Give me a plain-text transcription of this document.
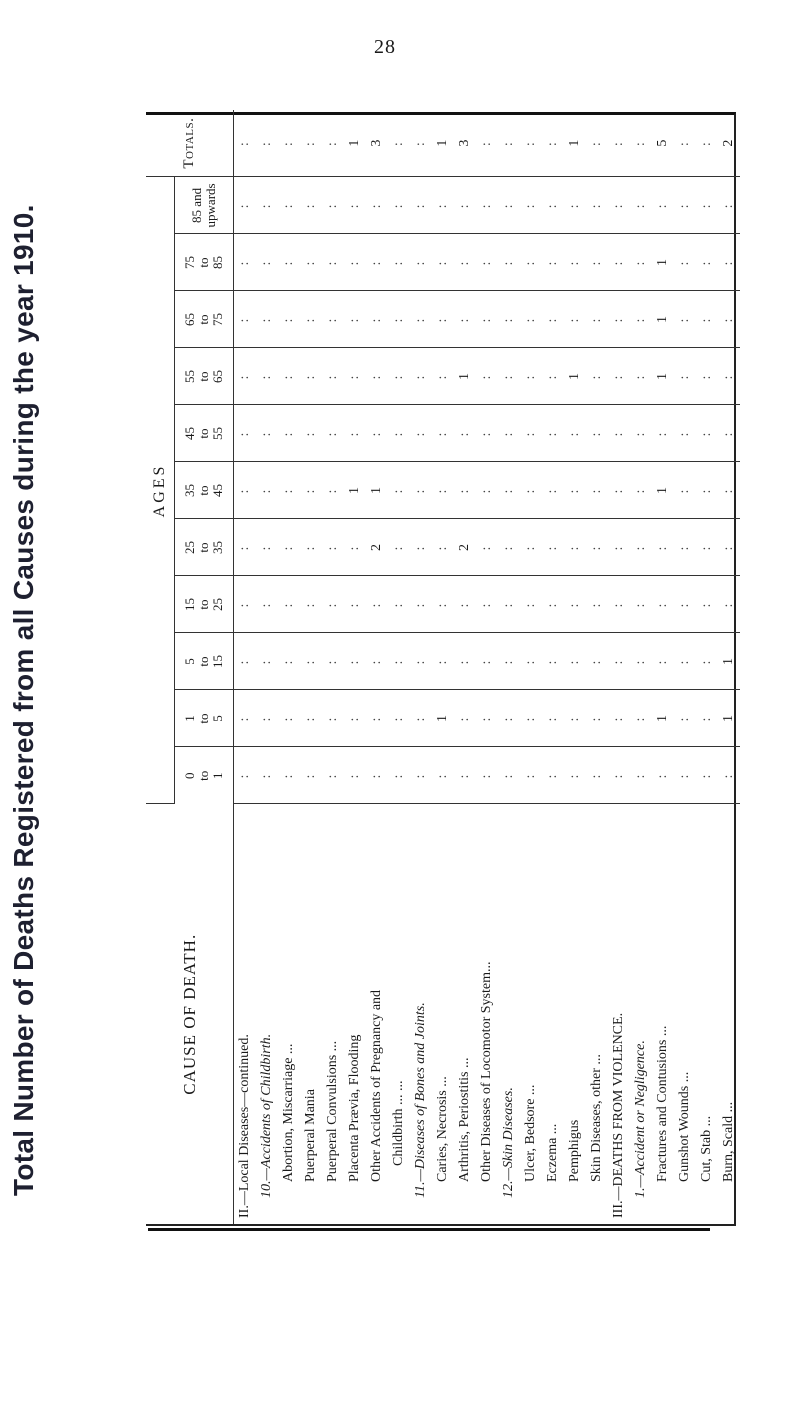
28
Total Number of Deaths Registered from all Causes during the year 1910.	CAUSE OF DEATH.	AGES											Totals.

	0 to 1	1 to 5	5 to 15	15 to 25	25 to 35	35 to 45	45 to 55	55 to 65	65 to 75	75 to 85	85 and upwards	

II.—Local Diseases—continued.	:	:	:	:	:	:	:	:	:	:	:	:
10.—Accidents of Childbirth.	:	:	:	:	:	:	:	:	:	:	:	:
Abortion, Miscarriage ...	:	:	:	:	:	:	:	:	:	:	:	:
Puerperal Mania	:	:	:	:	:	:	:	:	:	:	:	:
Puerperal Convulsions ...	:	:	:	:	:	:	:	:	:	:	:	:
Placenta Prævia, Flooding	:	:	:	:	:	1	:	:	:	:	:	1
Other Accidents of Pregnancy and	:	:	:	:	2	1	:	:	:	:	:	3
Childbirth ... ...	:	:	:	:	:	:	:	:	:	:	:	:
11.—Diseases of Bones and Joints.	:	:	:	:	:	:	:	:	:	:	:	:
Caries, Necrosis ...	:	1	:	:	:	:	:	:	:	:	:	1
Arthritis, Periostitis ...	:	:	:	:	2	:	:	1	:	:	:	3
Other Diseases of Locomotor System...	:	:	:	:	:	:	:	:	:	:	:	:
12.—Skin Diseases.	:	:	:	:	:	:	:	:	:	:	:	:
Ulcer, Bedsore ...	:	:	:	:	:	:	:	:	:	:	:	:
Eczema ...	:	:	:	:	:	:	:	:	:	:	:	:
Pemphigus	:	:	:	:	:	:	:	1	:	:	:	1
Skin Diseases, other ...	:	:	:	:	:	:	:	:	:	:	:	:
III.—DEATHS FROM VIOLENCE.	:	:	:	:	:	:	:	:	:	:	:	:
1.—Accident or Negligence.	:	:	:	:	:	:	:	:	:	:	:	:
Fractures and Contusions ...	:	1	:	:	:	1	:	1	1	1	:	5
Gunshot Wounds ...	:	:	:	:	:	:	:	:	:	:	:	:
Cut, Stab ...	:	:	:	:	:	:	:	:	:	:	:	:
Burn, Scald ...	:	1	1	:	:	:	:	:	:	:	:	2
